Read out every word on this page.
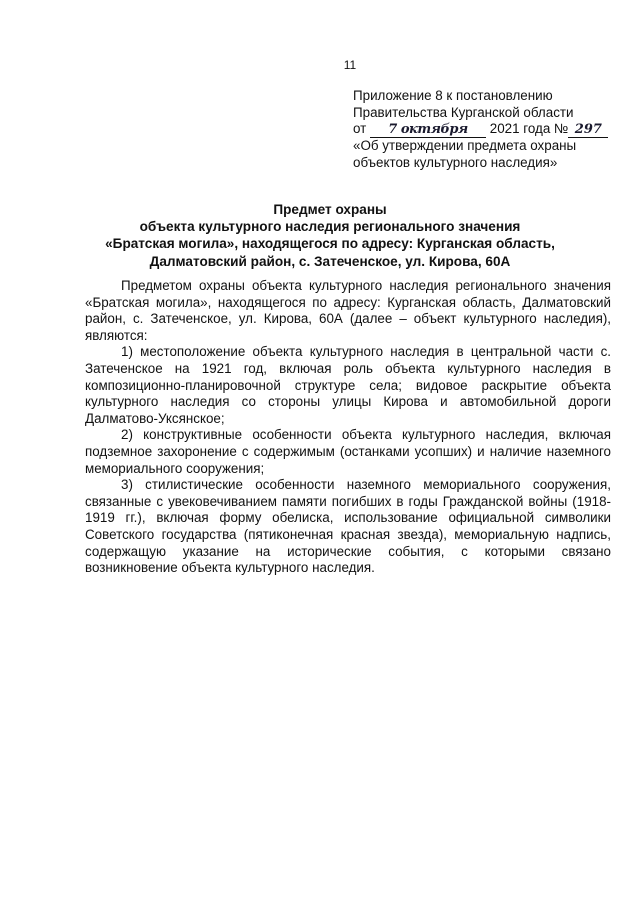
11
Приложение 8 к постановлению
Правительства Курганской области
от 7 октября 2021 года № 297
«Об утверждении предмета охраны
объектов культурного наследия»
Предмет охраны
объекта культурного наследия регионального значения
«Братская могила», находящегося по адресу: Курганская область,
Далматовский район, с. Затеченское, ул. Кирова, 60А

Предметом охраны объекта культурного наследия регионального значения «Братская могила», находящегося по адресу: Курганская область, Далматовский район, с. Затеченское, ул. Кирова, 60А (далее – объект культурного наследия), являются:

1) местоположение объекта культурного наследия в центральной части с. Затеченское на 1921 год, включая роль объекта культурного наследия в композиционно-планировочной структуре села; видовое раскрытие объекта культурного наследия со стороны улицы Кирова и автомобильной дороги Далматово-Уксянское;

2) конструктивные особенности объекта культурного наследия, включая подземное захоронение с содержимым (останками усопших) и наличие наземного мемориального сооружения;

3) стилистические особенности наземного мемориального сооружения, связанные с увековечиванием памяти погибших в годы Гражданской войны (1918-1919 гг.), включая форму обелиска, использование официальной символики Советского государства (пятиконечная красная звезда), мемориальную надпись, содержащую указание на исторические события, с которыми связано возникновение объекта культурного наследия.
